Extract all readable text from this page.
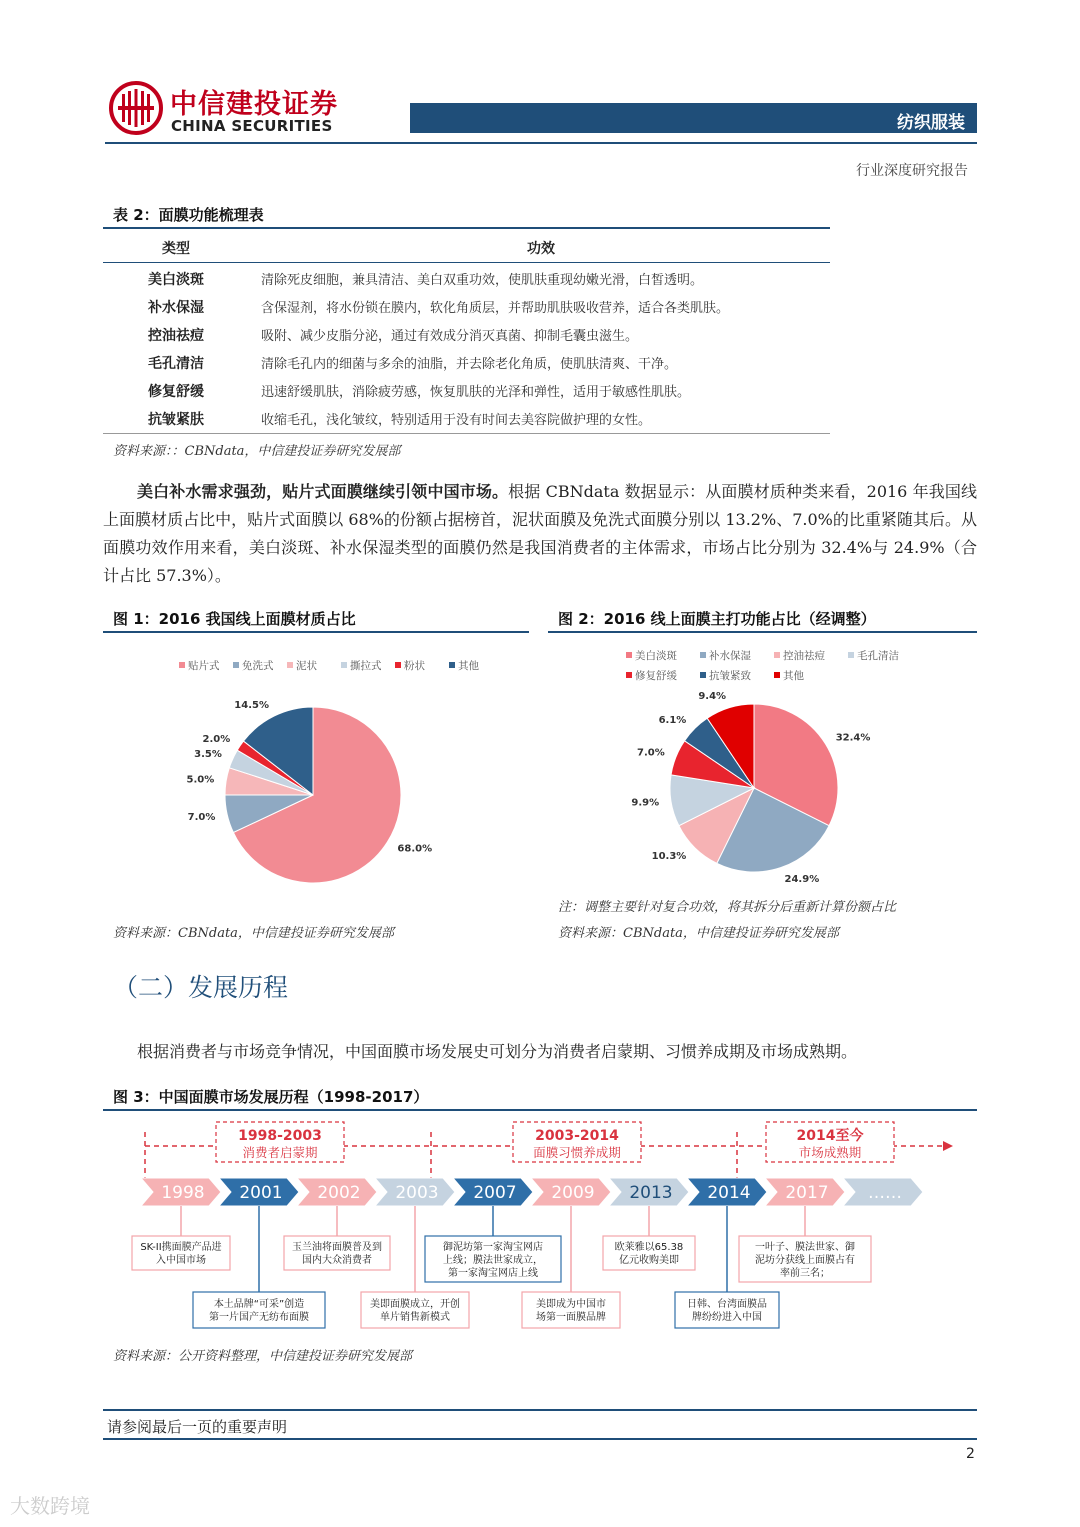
中信建投证券
CHINA SECURITIES	纺织服装
行业深度研究报告
表 2：面膜功能梳理表
类型	功效
美白淡斑	清除死皮细胞，兼具清洁、美白双重功效，使肌肤重现幼嫩光滑，白皙透明。
补水保湿	含保湿剂，将水份锁在膜内，软化角质层，并帮助肌肤吸收营养，适合各类肌肤。
控油祛痘	吸附、减少皮脂分泌，通过有效成分消灭真菌、抑制毛囊虫滋生。
毛孔清洁	清除毛孔内的细菌与多余的油脂，并去除老化角质，使肌肤清爽、干净。
修复舒缓	迅速舒缓肌肤，消除疲劳感，恢复肌肤的光泽和弹性，适用于敏感性肌肤。
抗皱紧肤	收缩毛孔，浅化皱纹，特别适用于没有时间去美容院做护理的女性。
资料来源：：CBNdata，中信建投证券研究发展部
美白补水需求强劲，贴片式面膜继续引领中国市场。根据 CBNdata 数据显示：从面膜材质种类来看，2016 年我国线上面膜材质占比中，贴片式面膜以 68%的份额占据榜首，泥状面膜及免洗式面膜分别以 13.2%、7.0%的比重紧随其后。从面膜功效作用来看，美白淡斑、补水保湿类型的面膜仍然是我国消费者的主体需求，市场占比分别为 32.4%与 24.9%（合计占比 57.3%）。
图 1：2016 我国线上面膜材质占比
贴片式 免洗式 泥状	撕拉式 粉状	其他
68.0%
7.0%
5.0%
3.5%
2.0%
14.5%
资料来源：CBNdata，中信建投证券研究发展部
图 2：2016 线上面膜主打功能占比（经调整）
美白淡斑	补水保湿	控油祛痘	毛孔清洁
修复舒缓	抗皱紧致	其他
32.4%
24.9%
10.3%
9.9%
7.0%
6.1%
9.4%
注：调整主要针对复合功效，将其拆分后重新计算份额占比
资料来源：CBNdata，中信建投证券研究发展部
（二）发展历程
根据消费者与市场竞争情况，中国面膜市场发展史可划分为消费者启蒙期、习惯养成期及市场成熟期。
图 3：中国面膜市场发展历程（1998-2017）
1998-2003
消费者启蒙期
2003-2014
面膜习惯养成期
2014至今
市场成熟期
1998 2001 2002 2003 2007 2009 2013 2014 2017 ……
SK-II携面膜产品进
入中国市场
玉兰油将面膜普及到
国内大众消费者
御泥坊第一家淘宝网店
上线；膜法世家成立，
第一家淘宝网店上线
欧莱雅以65.38
亿元收购美即
一叶子、膜法世家、御
泥坊分获线上面膜占有
率前三名；
本土品牌“可采”创造
第一片国产无纺布面膜
美即面膜成立，开创
单片销售新模式
美即成为中国市
场第一面膜品牌
日韩、台湾面膜品
牌纷纷进入中国
资料来源：公开资料整理，中信建投证券研究发展部
请参阅最后一页的重要声明
2
大数跨境
